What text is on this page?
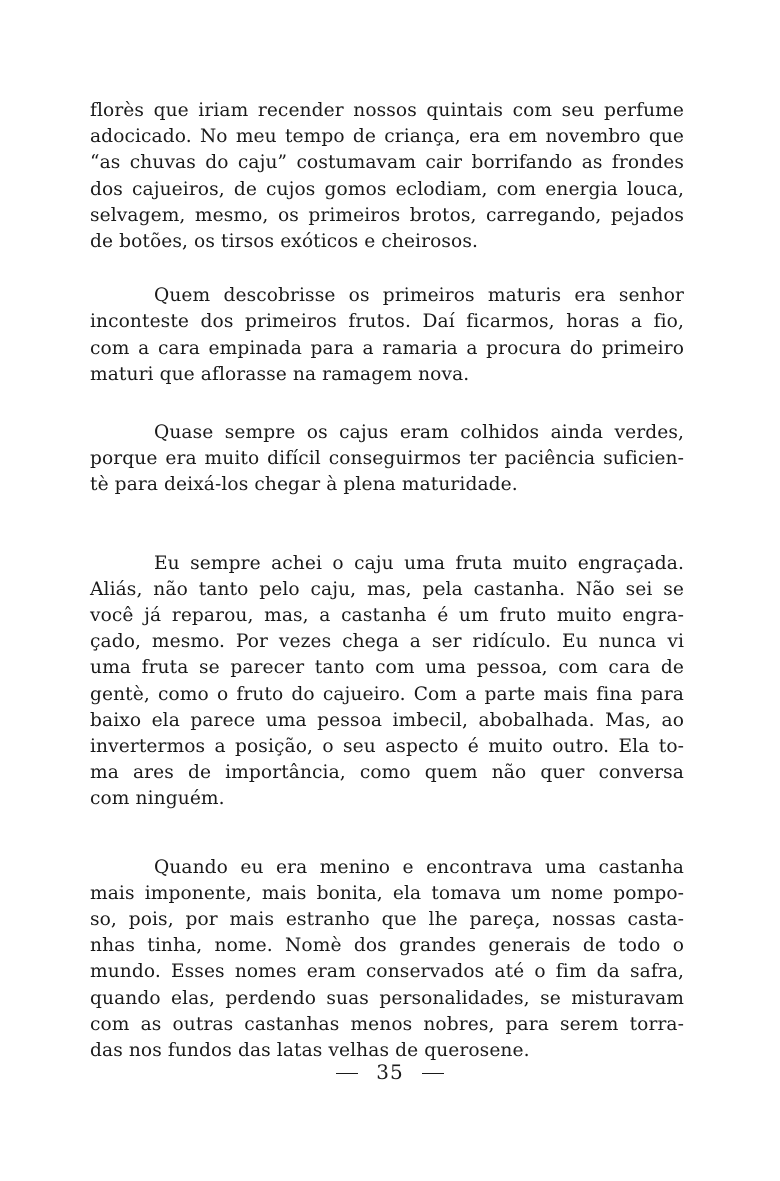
florès que iriam recender nossos quintais com seu perfume
adocicado. No meu tempo de criança, era em novembro que
“as chuvas do caju” costumavam cair borrifando as frondes
dos cajueiros, de cujos gomos eclodiam, com energia louca,
selvagem, mesmo, os primeiros brotos, carregando, pejados
de botões, os tirsos exóticos e cheirosos.
Quem descobrisse os primeiros maturis era senhor
inconteste dos primeiros frutos. Daí ficarmos, horas a fio,
com a cara empinada para a ramaria a procura do primeiro
maturi que aflorasse na ramagem nova.
Quase sempre os cajus eram colhidos ainda verdes,
porque era muito difícil conseguirmos ter paciência suficien-
tè para deixá-los chegar à plena maturidade.
Eu sempre achei o caju uma fruta muito engraçada.
Aliás, não tanto pelo caju, mas, pela castanha. Não sei se
você já reparou, mas, a castanha é um fruto muito engra-
çado, mesmo. Por vezes chega a ser ridículo. Eu nunca vi
uma fruta se parecer tanto com uma pessoa, com cara de
gentè, como o fruto do cajueiro. Com a parte mais fina para
baixo ela parece uma pessoa imbecil, abobalhada. Mas, ao
invertermos a posição, o seu aspecto é muito outro. Ela to-
ma ares de importância, como quem não quer conversa
com ninguém.
Quando eu era menino e encontrava uma castanha
mais imponente, mais bonita, ela tomava um nome pompo-
so, pois, por mais estranho que lhe pareça, nossas casta-
nhas tinha, nome. Nomè dos grandes generais de todo o
mundo. Esses nomes eram conservados até o fim da safra,
quando elas, perdendo suas personalidades, se misturavam
com as outras castanhas menos nobres, para serem torra-
das nos fundos das latas velhas de querosene.
35
